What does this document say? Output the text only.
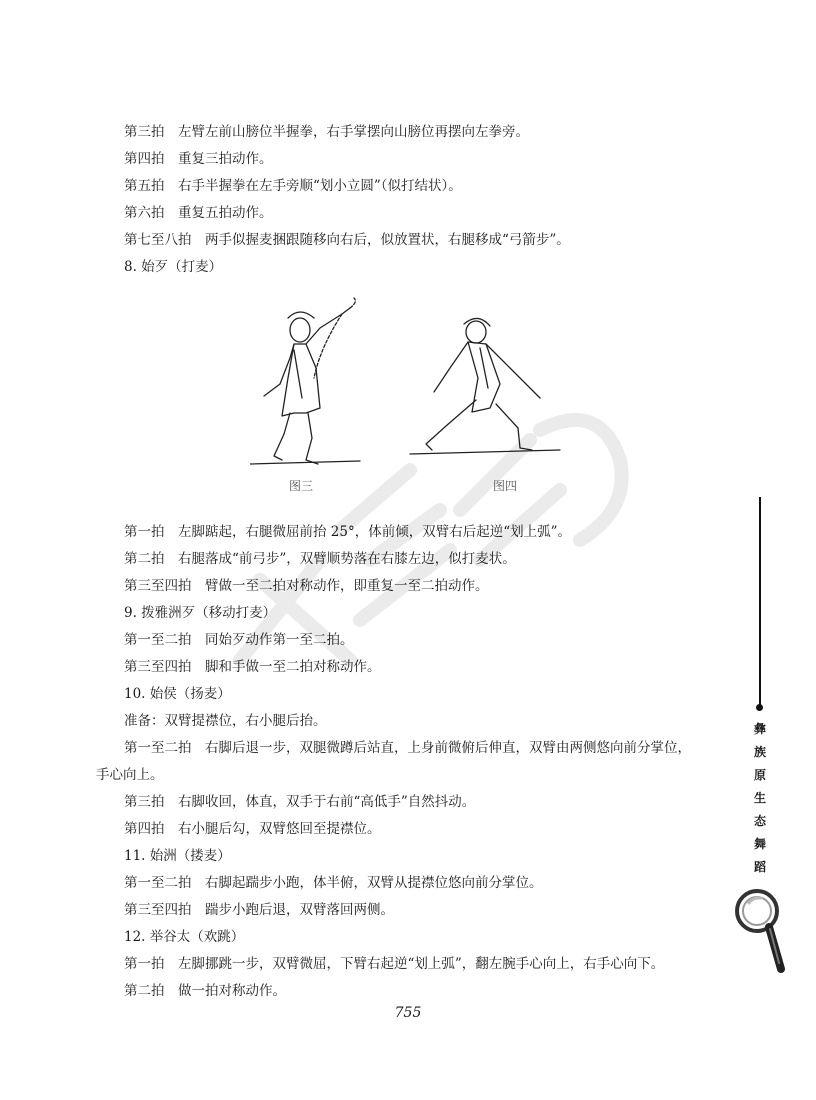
第三拍　左臂左前山膀位半握拳，右手掌摆向山膀位再摆向左拳旁。
第四拍　重复三拍动作。
第五拍　右手半握拳在左手旁顺“划小立圆”（似打结状）。
第六拍　重复五拍动作。
第七至八拍　两手似握麦捆跟随移向右后，似放置状，右腿移成“弓箭步”。
8. 始歹（打麦）
图三	图四
第一拍　左脚踮起，右腿微屈前抬 25°，体前倾，双臂右后起逆“划上弧”。
第二拍　右腿落成“前弓步”，双臂顺势落在右膝左边，似打麦状。
第三至四拍　臂做一至二拍对称动作，即重复一至二拍动作。
9. 拨雅洲歹（移动打麦）
第一至二拍　同始歹动作第一至二拍。
第三至四拍　脚和手做一至二拍对称动作。
10. 始侯（扬麦）
准备：双臂提襟位，右小腿后抬。
第一至二拍　右脚后退一步，双腿微蹲后站直，上身前微俯后伸直，双臂由两侧悠向前分掌位，
手心向上。
第三拍　右脚收回，体直，双手于右前“高低手”自然抖动。
第四拍　右小腿后勾，双臂悠回至提襟位。
11. 始洲（搂麦）
第一至二拍　右脚起踹步小跑，体半俯，双臂从提襟位悠向前分掌位。
第三至四拍　踹步小跑后退，双臂落回两侧。
12. 举谷太（欢跳）
第一拍　左脚挪跳一步，双臂微屈，下臂右起逆“划上弧”，翻左腕手心向上，右手心向下。
第二拍　做一拍对称动作。
755
彝
族
原
生
态
舞
蹈
